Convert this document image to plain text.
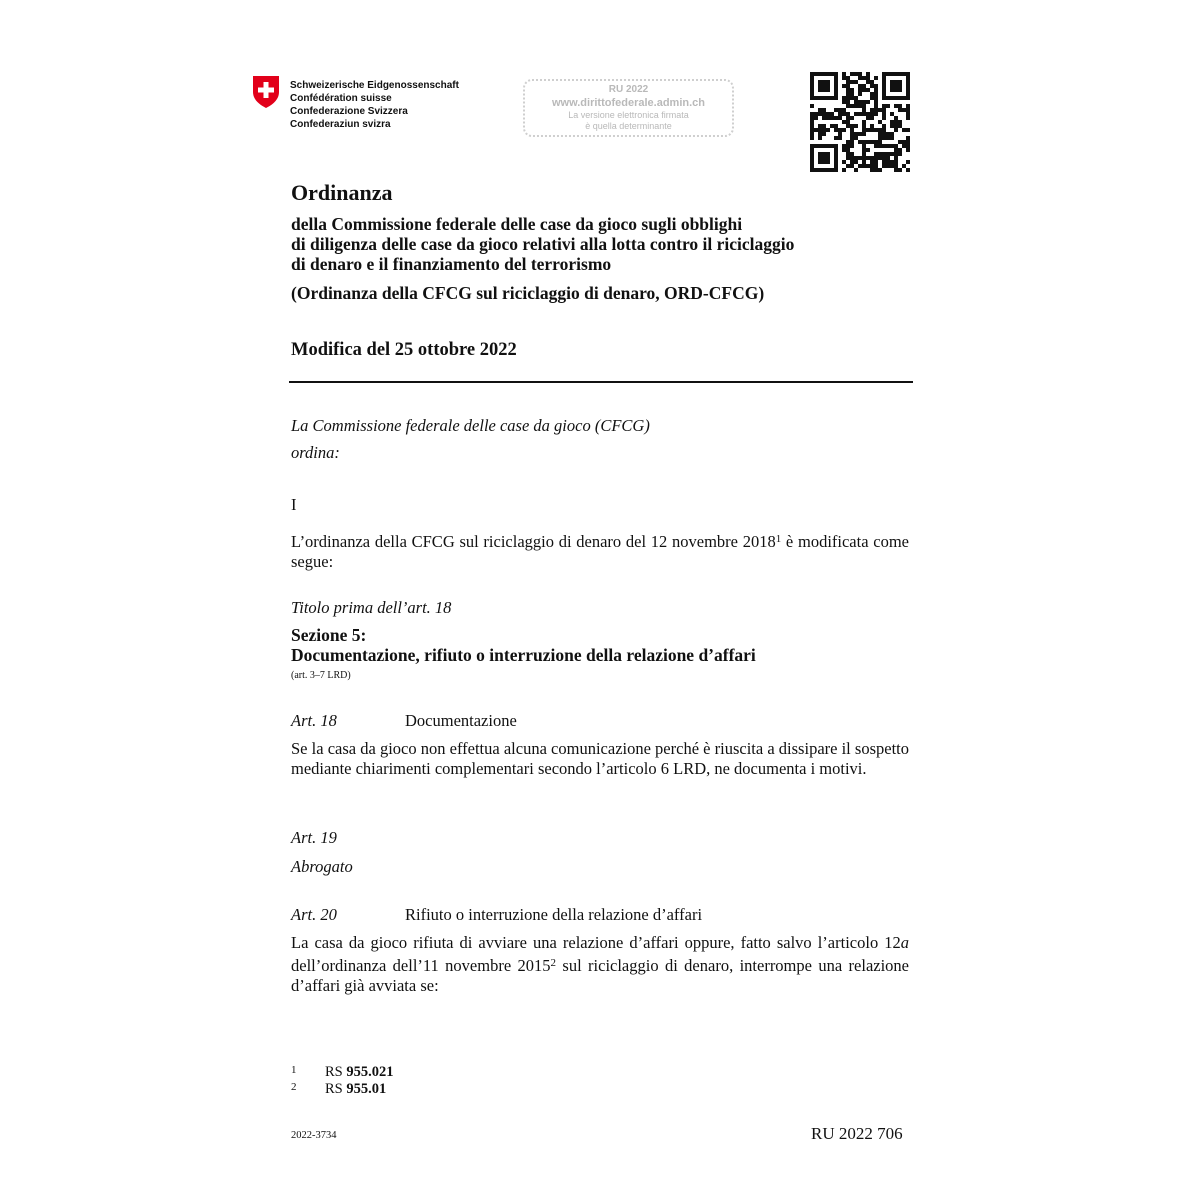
Schweizerische Eidgenossenschaft
Confédération suisse
Confederazione Svizzera
Confederaziun svizra
RU 2022
www.dirittofederale.admin.ch
La versione elettronica firmata
è quella determinante
Ordinanza
della Commissione federale delle case da gioco sugli obblighi
di diligenza delle case da gioco relativi alla lotta contro il riciclaggio
di denaro e il finanziamento del terrorismo
(Ordinanza della CFCG sul riciclaggio di denaro, ORD-CFCG)
Modifica del 25 ottobre 2022
La Commissione federale delle case da gioco (CFCG)
ordina:
I
L’ordinanza della CFCG sul riciclaggio di denaro del 12 novembre 2018$^1$ è modificata come segue:
Titolo prima dell’art. 18
Sezione 5:
Documentazione, rifiuto o interruzione della relazione d’affari
(art. 3–7 LRD)
Art. 18	Documentazione
Se la casa da gioco non effettua alcuna comunicazione perché è riuscita a dissipare il sospetto mediante chiarimenti complementari secondo l’articolo 6 LRD, ne documenta i motivi.
Art. 19
Abrogato
Art. 20	Rifiuto o interruzione della relazione d’affari
La casa da gioco rifiuta di avviare una relazione d’affari oppure, fatto salvo l’articolo 12a dell’ordinanza dell’11 novembre 2015$^2$ sul riciclaggio di denaro, interrompe una relazione d’affari già avviata se:
1 RS 955.021
2 RS 955.01
2022-3734	RU 2022 706
